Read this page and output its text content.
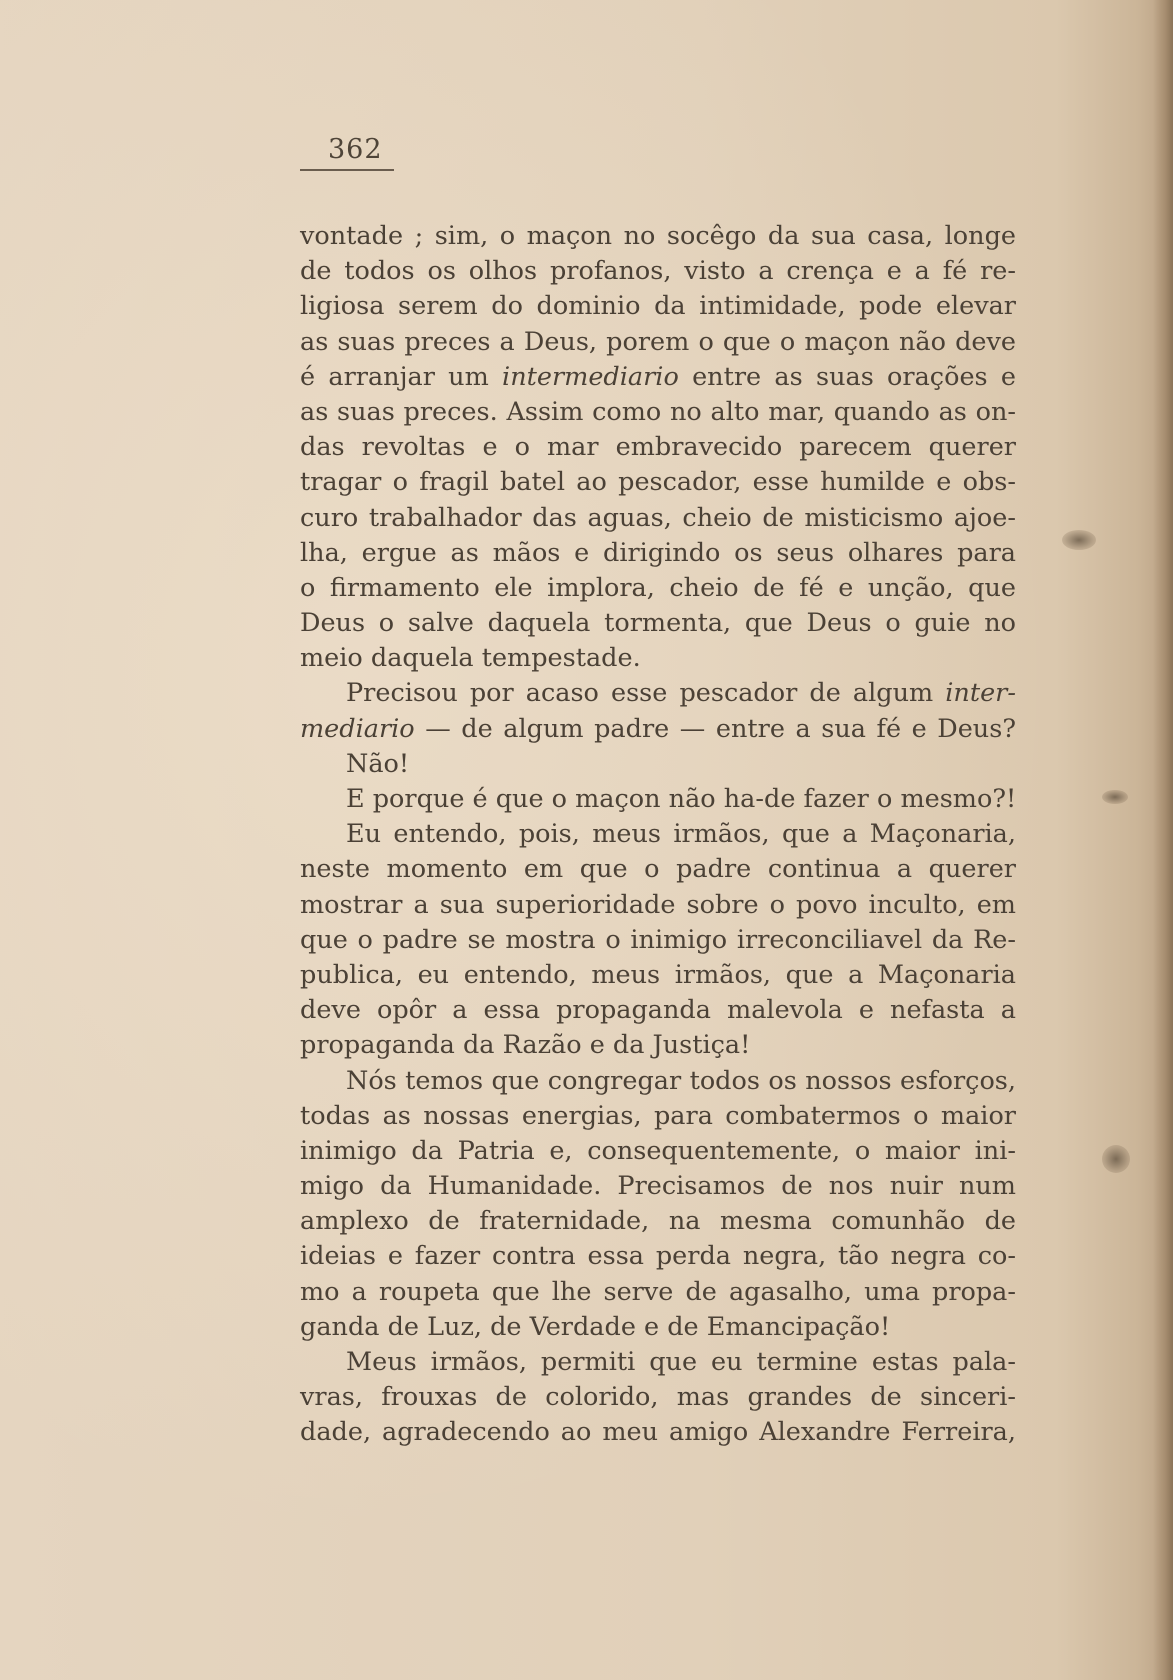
362
vontade ; sim, o maçon no socêgo da sua casa, longe
de todos os olhos profanos, visto a crença e a fé re-
ligiosa serem do dominio da intimidade, pode elevar
as suas preces a Deus, porem o que o maçon não deve
é arranjar um intermediario entre as suas orações e
as suas preces. Assim como no alto mar, quando as on-
das revoltas e o mar embravecido parecem querer
tragar o fragil batel ao pescador, esse humilde e obs-
curo trabalhador das aguas, cheio de misticismo ajoe-
lha, ergue as mãos e dirigindo os seus olhares para
o firmamento ele implora, cheio de fé e unção, que
Deus o salve daquela tormenta, que Deus o guie no
meio daquela tempestade.
Precisou por acaso esse pescador de algum inter-
mediario — de algum padre — entre a sua fé e Deus?
Não!
E porque é que o maçon não ha-de fazer o mesmo?!
Eu entendo, pois, meus irmãos, que a Maçonaria,
neste momento em que o padre continua a querer
mostrar a sua superioridade sobre o povo inculto, em
que o padre se mostra o inimigo irreconciliavel da Re-
publica, eu entendo, meus irmãos, que a Maçonaria
deve opôr a essa propaganda malevola e nefasta a
propaganda da Razão e da Justiça!
Nós temos que congregar todos os nossos esforços,
todas as nossas energias, para combatermos o maior
inimigo da Patria e, consequentemente, o maior ini-
migo da Humanidade. Precisamos de nos nuir num
amplexo de fraternidade, na mesma comunhão de
ideias e fazer contra essa perda negra, tão negra co-
mo a roupeta que lhe serve de agasalho, uma propa-
ganda de Luz, de Verdade e de Emancipação!
Meus irmãos, permiti que eu termine estas pala-
vras, frouxas de colorido, mas grandes de sinceri-
dade, agradecendo ao meu amigo Alexandre Ferreira,
